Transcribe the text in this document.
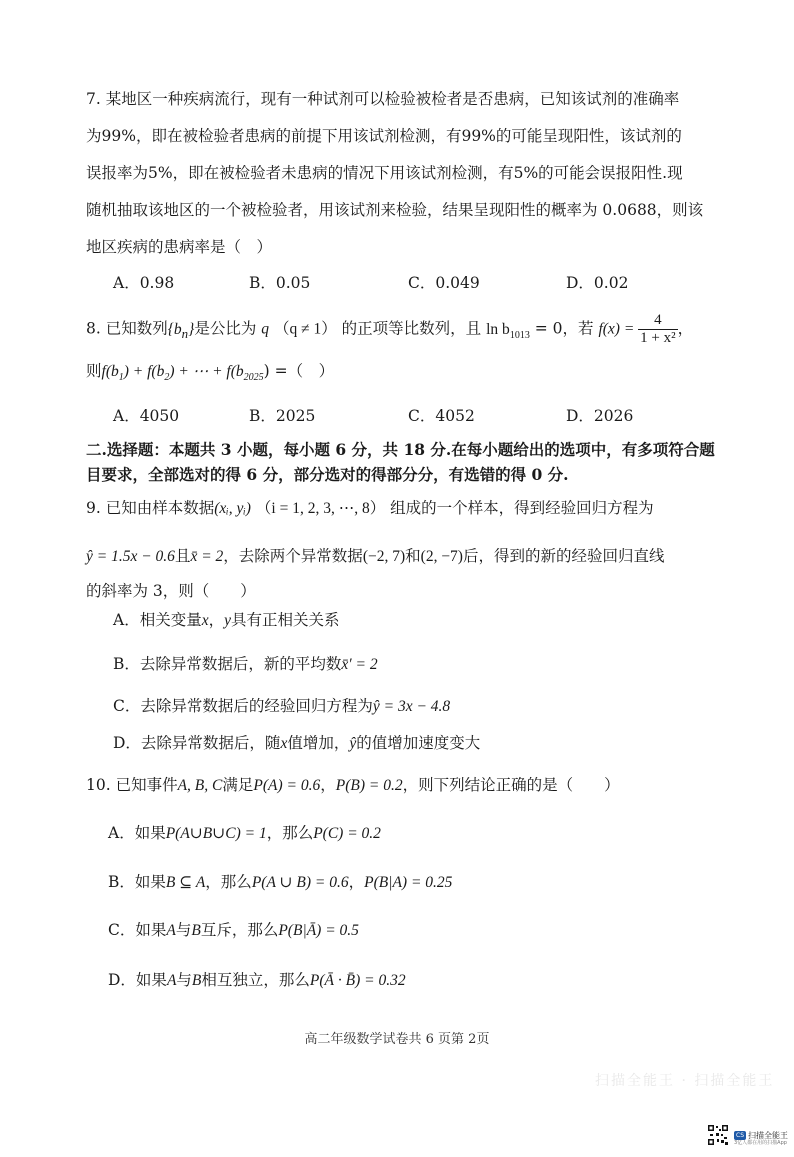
7. 某地区一种疾病流行，现有一种试剂可以检验被检者是否患病，已知该试剂的准确率
为99%，即在被检验者患病的前提下用该试剂检测，有99%的可能呈现阳性，该试剂的
误报率为5%，即在被检验者未患病的情况下用该试剂检测，有5%的可能会误报阳性.现
随机抽取该地区的一个被检验者，用该试剂来检验，结果呈现阳性的概率为 0.0688，则该
地区疾病的患病率是（　）
A．0.98	B．0.05	C．0.049	D．0.02
8. 已知数列$\{b_n\}$是公比为 q （q ≠ 1） 的正项等比数列，且 $\ln b_{1013} = 0$，若 $f(x) = \frac{4}{\text{1 + x²}}$ ，
则$f(b_1) + f(b_2)$ + ⋯ + $f(b_{2025})$ =（　）
A．4050	B．2025	C．4052	D．2026
二.选择题：本题共 3 小题，每小题 6 分，共 18 分.在每小题给出的选项中，有多项符合题
目要求，全部选对的得 6 分，部分选对的得部分分，有选错的得 0 分.
9. 已知由样本数据(xᵢ, yᵢ) （i = 1, 2, 3, ⋯, 8） 组成的一个样本，得到经验回归方程为
ŷ = 1.5x − 0.6且x̄ = 2，去除两个异常数据(−2, 7)和(2, −7)后，得到的新的经验回归直线
的斜率为 3，则（　　）
A．相关变量x，y具有正相关关系
B．去除异常数据后，新的平均数x̄′ = 2
C．去除异常数据后的经验回归方程为ŷ = 3x − 4.8
D．去除异常数据后，随x值增加，ŷ的值增加速度变大
10. 已知事件A, B, C满足P(A) = 0.6，P(B) = 0.2，则下列结论正确的是（　　）
A．如果P(A∪B∪C) = 1，那么P(C) = 0.2
B．如果B ⊆ A，那么P(A ∪ B) = 0.6，P(B|A) = 0.25
C．如果A与B互斥，那么P(B|Ā) = 0.5
D．如果A与B相互独立，那么P(Ā · B̄) = 0.32
高二年级数学试卷共 6 页第 2页
扫描全能王 · 扫描全能王
CS 扫描全能王
3亿人都在用的扫描App
